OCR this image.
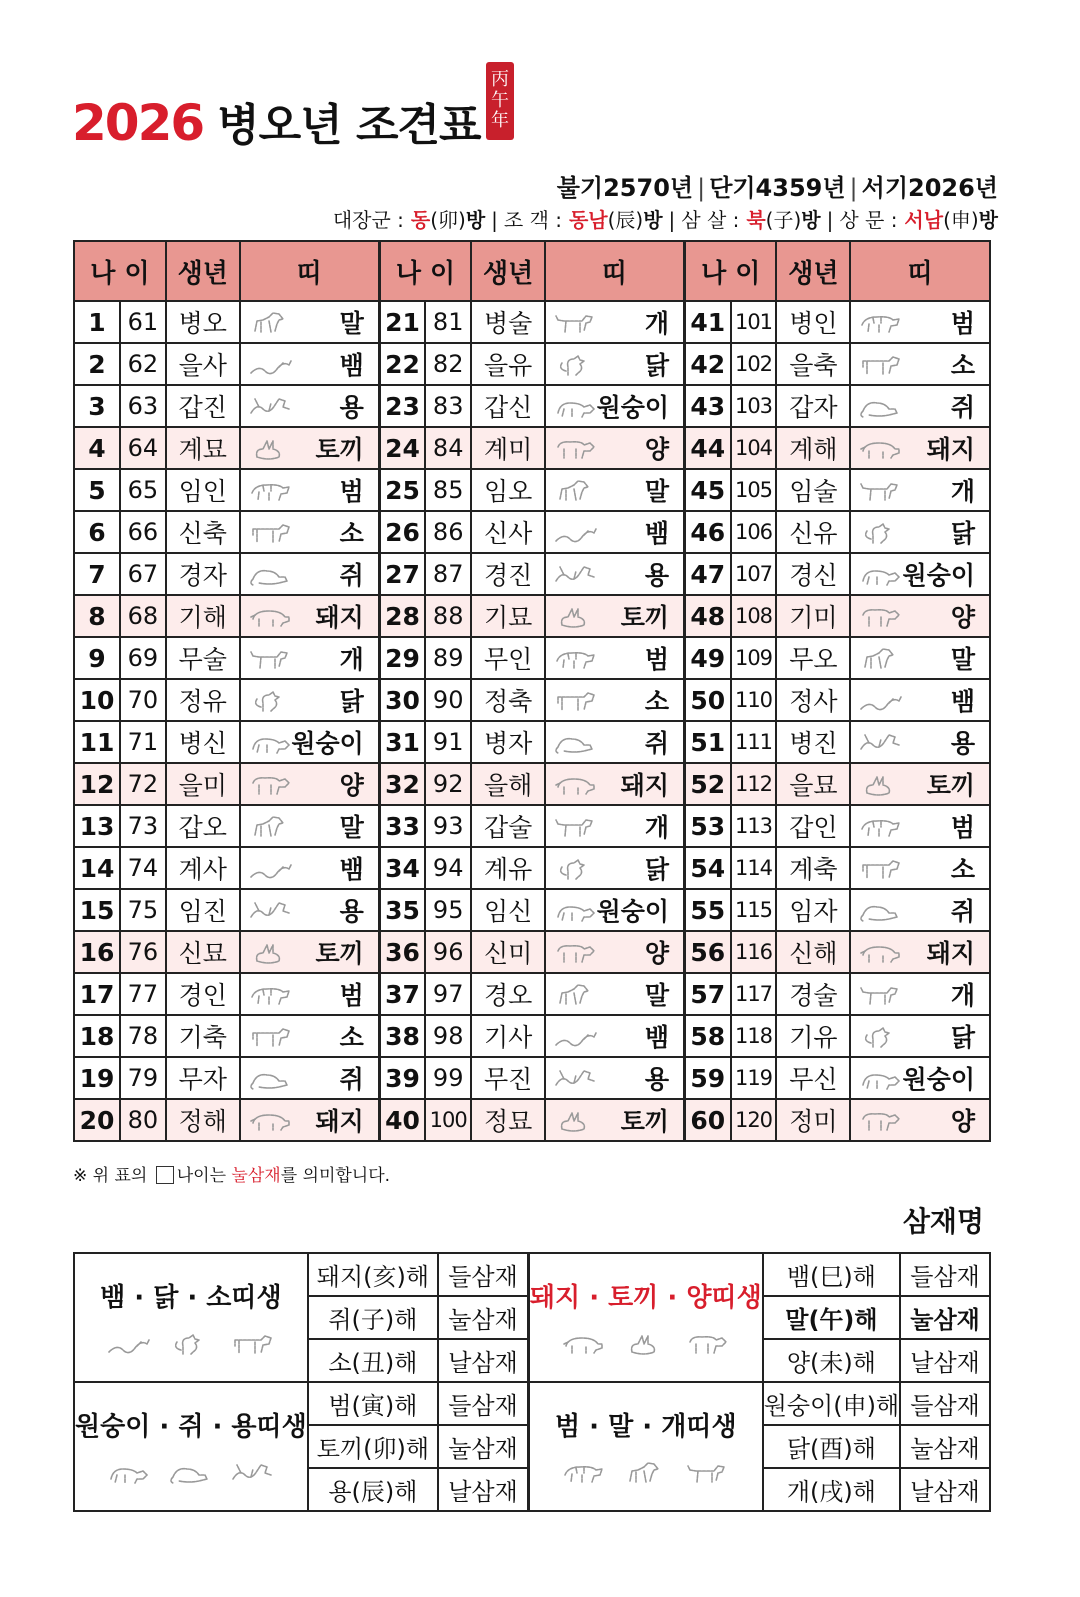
2026 병오년 조견표
丙
午
年
불기2570년 | 단기4359년 | 서기2026년
대장군 : 동(卯)방 | 조 객 : 동남(辰)방 | 삼 살 : 북(子)방 | 상 문 : 서남(申)방
나 이		생년	띠	나 이		생년	띠	나 이		생년	띠
1	61	병오	말	21	81	병술	개	41	101	병인	범

2	62	을사	뱀	22	82	을유	닭	42	102	을축	소

3	63	갑진	용	23	83	갑신	원숭이	43	103	갑자	쥐

4	64	계묘	토끼	24	84	계미	양	44	104	계해	돼지

5	65	임인	범	25	85	임오	말	45	105	임술	개

6	66	신축	소	26	86	신사	뱀	46	106	신유	닭

7	67	경자	쥐	27	87	경진	용	47	107	경신	원숭이

8	68	기해	돼지	28	88	기묘	토끼	48	108	기미	양

9	69	무술	개	29	89	무인	범	49	109	무오	말

10	70	정유	닭	30	90	정축	소	50	110	정사	뱀

11	71	병신	원숭이	31	91	병자	쥐	51	111	병진	용

12	72	을미	양	32	92	을해	돼지	52	112	을묘	토끼

13	73	갑오	말	33	93	갑술	개	53	113	갑인	범

14	74	계사	뱀	34	94	계유	닭	54	114	계축	소

15	75	임진	용	35	95	임신	원숭이	55	115	임자	쥐

16	76	신묘	토끼	36	96	신미	양	56	116	신해	돼지

17	77	경인	범	37	97	경오	말	57	117	경술	개

18	78	기축	소	38	98	기사	뱀	58	118	기유	닭

19	79	무자	쥐	39	99	무진	용	59	119	무신	원숭이

20	80	정해	돼지	40	100	정묘	토끼	60	120	정미	양
※ 위 표의 나이는 눌삼재를 의미합니다.
삼재명
뱀 · 닭 · 소띠생	돼지(亥)해	들삼재	돼지 · 토끼 · 양띠생	뱀(巳)해	들삼재
	쥐(子)해	눌삼재		말(午)해	눌삼재
	소(丑)해	날삼재		양(未)해	날삼재

원숭이 · 쥐 · 용띠생	범(寅)해	들삼재	범 · 말 · 개띠생	원숭이(申)해	들삼재
	토끼(卯)해	눌삼재		닭(酉)해	눌삼재
	용(辰)해	날삼재		개(戌)해	날삼재
